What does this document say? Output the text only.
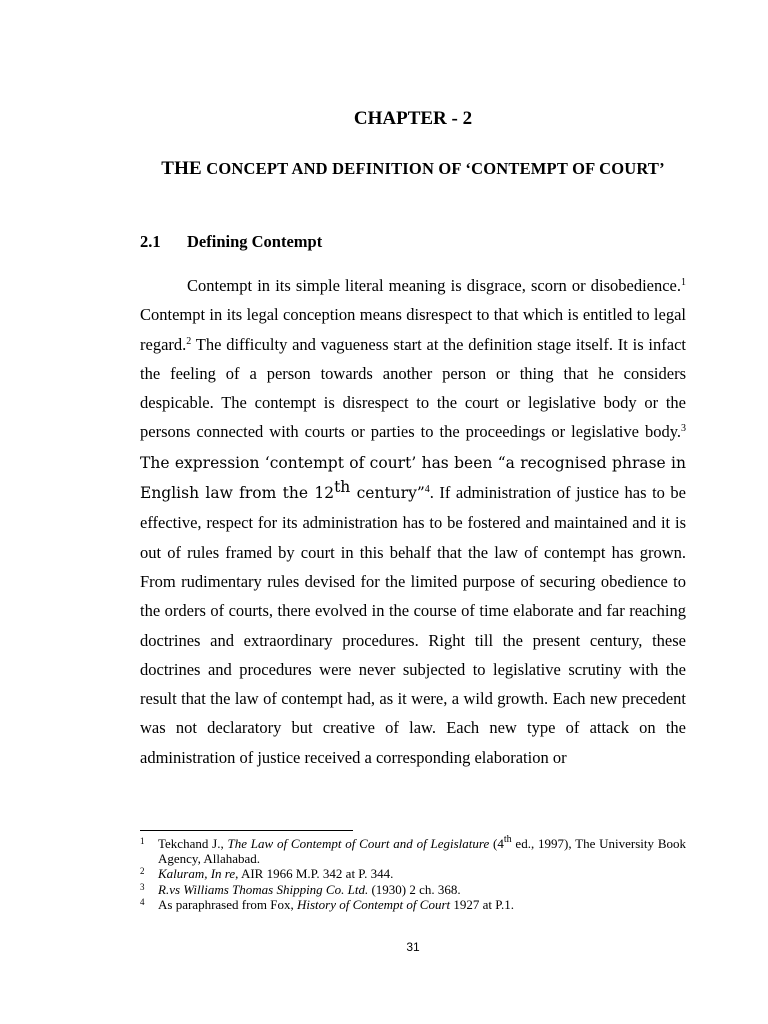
CHAPTER - 2
THE CONCEPT AND DEFINITION OF ‘CONTEMPT OF COURT’
2.1 Defining Contempt

Contempt in its simple literal meaning is disgrace, scorn or disobedience.$^1$ Contempt in its legal conception means disrespect to that which is entitled to legal regard.$^2$ The difficulty and vagueness start at the definition stage itself. It is infact the feeling of a person towards another person or thing that he considers despicable. The contempt is disrespect to the court or legislative body or the persons connected with courts or parties to the proceedings or legislative body.$^3$ The expression ‘contempt of court’ has been “a recognised phrase in English law from the 12th century”$^4$. If administration of justice has to be effective, respect for its administration has to be fostered and maintained and it is out of rules framed by court in this behalf that the law of contempt has grown. From rudimentary rules devised for the limited purpose of securing obedience to the orders of courts, there evolved in the course of time elaborate and far reaching doctrines and extraordinary procedures. Right till the present century, these doctrines and procedures were never subjected to legislative scrutiny with the result that the law of contempt had, as it were, a wild growth. Each new precedent was not declaratory but creative of law. Each new type of attack on the administration of justice received a corresponding elaboration or

1	Tekchand J., The Law of Contempt of Court and of Legislature (4th ed., 1997), The University Book Agency, Allahabad.
2	Kaluram, In re, AIR 1966 M.P. 342 at P. 344.
3	R.vs Williams Thomas Shipping Co. Ltd. (1930) 2 ch. 368.
4	As paraphrased from Fox, History of Contempt of Court 1927 at P.1.
31
